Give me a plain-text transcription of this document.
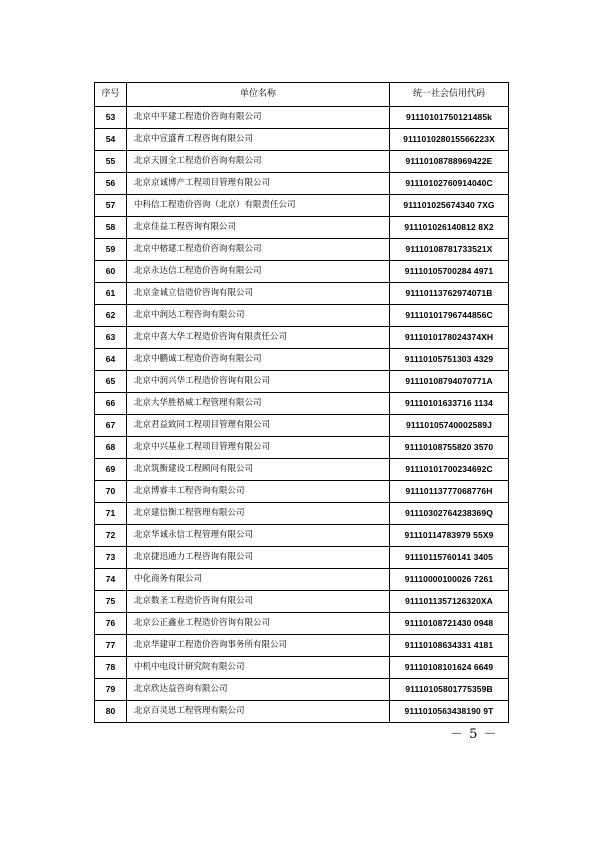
序号	单位名称	统一社会信用代码
53	北京中平建工程造价咨询有限公司	91110101750121485k
54	北京中宣盛育工程咨询有限公司	911101028015566223X
55	北京天圆全工程造价咨询有限公司	91110108788969422E
56	北京京诚博产工程项目管理有限公司	91110102760914040C
57	中科信工程造价咨询（北京）有限责任公司	911101025674340 7XG
58	北京佳益工程咨询有限公司	911101026140812 8X2
59	北京中榕建工程造价咨询有限公司	91110108781733521X
60	北京永达信工程造价咨询有限公司	91110105700284 4971
61	北京金诚立信造价咨询有限公司	91110113762974071B
62	北京中润达工程咨询有限公司	91110101796744856C
63	北京中喜大华工程造价咨询有限责任公司	9111010178024374XH
64	北京中鹏诚工程造价咨询有限公司	91110105751303 4329
65	北京中润兴华工程造价咨询有限公司	91110108794070771A
66	北京大华胜格威工程管理有限公司	91110101633716 1134
67	北京君益致同工程项目管理有限公司	91110105740002589J
68	北京中兴基业工程项目管理有限公司	91110108755820 3570
69	北京筑衡建设工程顾问有限公司	91110101700234692C
70	北京博睿丰工程咨询有限公司	91110113777068776H
71	北京建信衡工程管理有限公司	91110302764238369Q
72	北京华诚永信工程管理有限公司	91110114783979 55X9
73	北京捷迅通力工程咨询有限公司	91110115760141 3405
74	中化商务有限公司	91110000100026 7261
75	北京数圣工程造价咨询有限公司	9111011357126320XA
76	北京公正鑫业工程造价咨询有限公司	91110108721430 0948
77	北京华建审工程造价咨询事务所有限公司	91110108634331 4181
78	中机中电设计研究院有限公司	91110108101624 6649
79	北京欣达益咨询有限公司	91110105801775359B
80	北京百灵思工程管理有限公司	9111010563438190 9T
－ 5 －
